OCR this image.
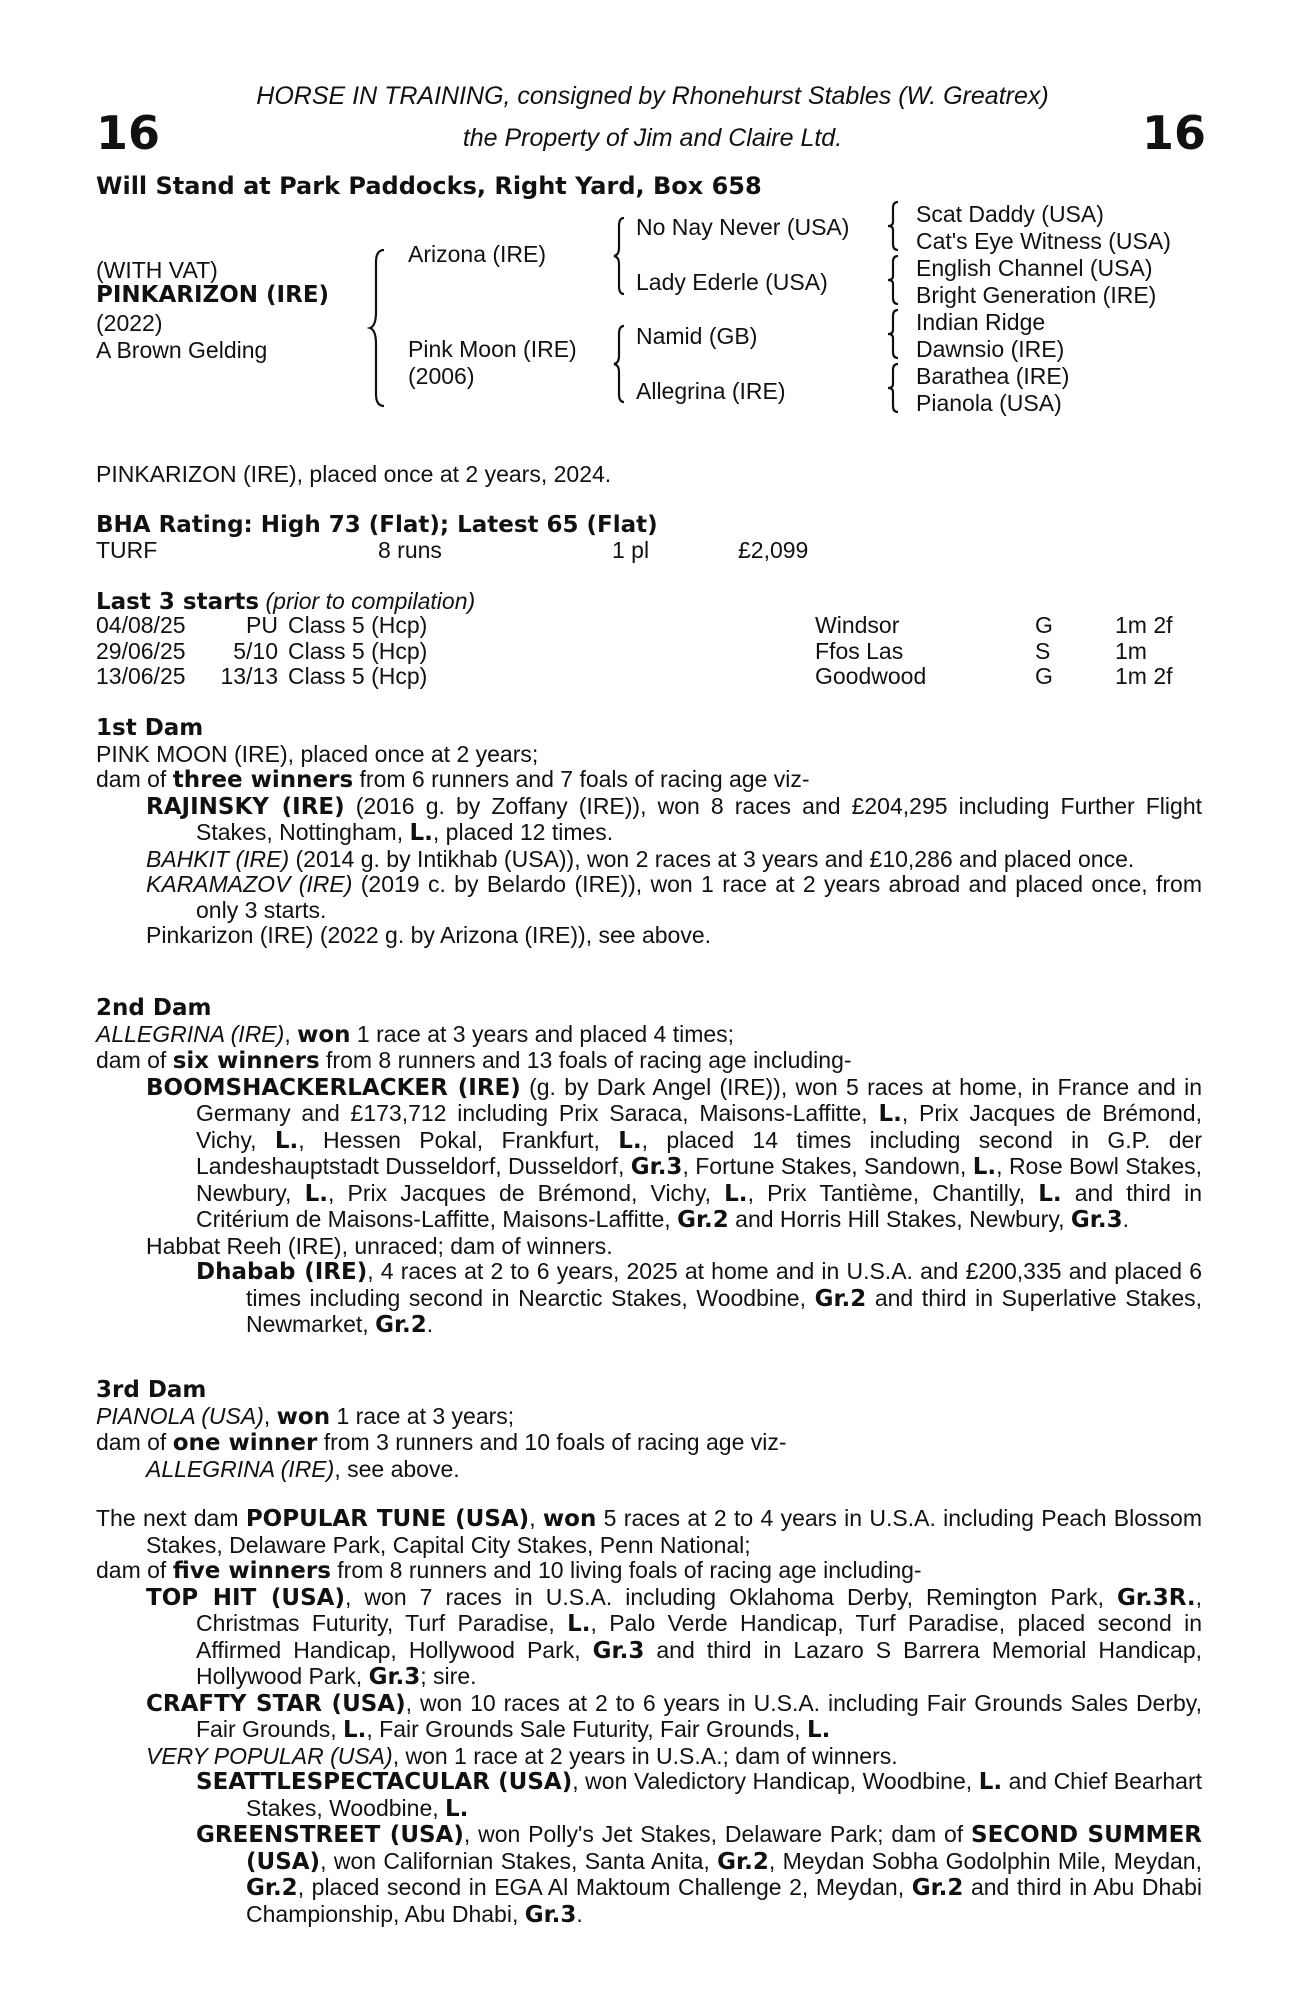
16	16
HORSE IN TRAINING, consigned by Rhonehurst Stables (W. Greatrex)
the Property of Jim and Claire Ltd.
Will Stand at Park Paddocks, Right Yard, Box 658
(WITH VAT)
PINKARIZON (IRE)
(2022)
A Brown Gelding
Arizona (IRE)
Pink Moon (IRE)
(2006)
No Nay Never (USA)
Lady Ederle (USA)
Namid (GB)
Allegrina (IRE)
Scat Daddy (USA)
Cat's Eye Witness (USA)
English Channel (USA)
Bright Generation (IRE)
Indian Ridge
Dawnsio (IRE)
Barathea (IRE)
Pianola (USA)
PINKARIZON (IRE), placed once at 2 years, 2024.
BHA Rating: High 73 (Flat); Latest 65 (Flat)
TURF	8 runs	1 pl	£2,099
Last 3 starts (prior to compilation)
04/08/25	PU	Class 5 (Hcp)	Windsor	G	1m 2f
29/06/25	5/10	Class 5 (Hcp)	Ffos Las	S	1m
13/06/25	13/13	Class 5 (Hcp)	Goodwood	G	1m 2f

1st Dam

PINK MOON (IRE), placed once at 2 years;

dam of three winners from 6 runners and 7 foals of racing age viz-

RAJINSKY (IRE) (2016 g. by Zoffany (IRE)), won 8 races and £204,295 including Further Flight Stakes, Nottingham, L., placed 12 times.

BAHKIT (IRE) (2014 g. by Intikhab (USA)), won 2 races at 3 years and £10,286 and placed once.

KARAMAZOV (IRE) (2019 c. by Belardo (IRE)), won 1 race at 2 years abroad and placed once, from only 3 starts.

Pinkarizon (IRE) (2022 g. by Arizona (IRE)), see above.

2nd Dam

ALLEGRINA (IRE), won 1 race at 3 years and placed 4 times;

dam of six winners from 8 runners and 13 foals of racing age including-

BOOMSHACKERLACKER (IRE) (g. by Dark Angel (IRE)), won 5 races at home, in France and in Germany and £173,712 including Prix Saraca, Maisons-Laffitte, L., Prix Jacques de Brémond, Vichy, L., Hessen Pokal, Frankfurt, L., placed 14 times including second in G.P. der Landeshauptstadt Dusseldorf, Dusseldorf, Gr.3, Fortune Stakes, Sandown, L., Rose Bowl Stakes, Newbury, L., Prix Jacques de Brémond, Vichy, L., Prix Tantième, Chantilly, L. and third in Critérium de Maisons-Laffitte, Maisons-Laffitte, Gr.2 and Horris Hill Stakes, Newbury, Gr.3.

Habbat Reeh (IRE), unraced; dam of winners.

Dhabab (IRE), 4 races at 2 to 6 years, 2025 at home and in U.S.A. and £200,335 and placed 6 times including second in Nearctic Stakes, Woodbine, Gr.2 and third in Superlative Stakes, Newmarket, Gr.2.

3rd Dam

PIANOLA (USA), won 1 race at 3 years;

dam of one winner from 3 runners and 10 foals of racing age viz-

ALLEGRINA (IRE), see above.

The next dam POPULAR TUNE (USA), won 5 races at 2 to 4 years in U.S.A. including Peach Blossom Stakes, Delaware Park, Capital City Stakes, Penn National;

dam of five winners from 8 runners and 10 living foals of racing age including-

TOP HIT (USA), won 7 races in U.S.A. including Oklahoma Derby, Remington Park, Gr.3R., Christmas Futurity, Turf Paradise, L., Palo Verde Handicap, Turf Paradise, placed second in Affirmed Handicap, Hollywood Park, Gr.3 and third in Lazaro S Barrera Memorial Handicap, Hollywood Park, Gr.3; sire.

CRAFTY STAR (USA), won 10 races at 2 to 6 years in U.S.A. including Fair Grounds Sales Derby, Fair Grounds, L., Fair Grounds Sale Futurity, Fair Grounds, L.

VERY POPULAR (USA), won 1 race at 2 years in U.S.A.; dam of winners.

SEATTLESPECTACULAR (USA), won Valedictory Handicap, Woodbine, L. and Chief Bearhart Stakes, Woodbine, L.

GREENSTREET (USA), won Polly's Jet Stakes, Delaware Park; dam of SECOND SUMMER (USA), won Californian Stakes, Santa Anita, Gr.2, Meydan Sobha Godolphin Mile, Meydan, Gr.2, placed second in EGA Al Maktoum Challenge 2, Meydan, Gr.2 and third in Abu Dhabi Championship, Abu Dhabi, Gr.3.
